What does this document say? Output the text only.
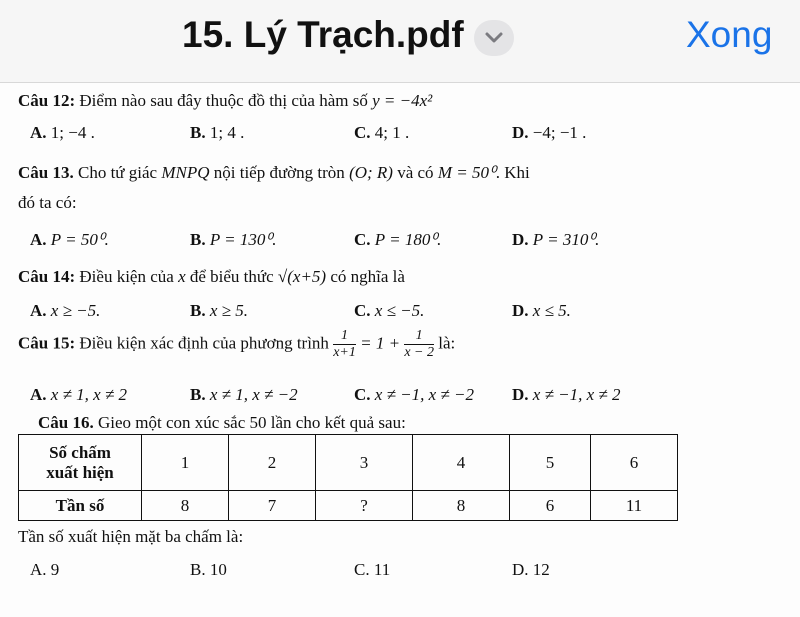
15. Lý Trạch.pdf	Xong
Câu 12: Điểm nào sau đây thuộc đồ thị của hàm số y = −4x²
A. 1; −4 .	B. 1; 4 .	C. 4; 1 .	D. −4; −1 .
Câu 13. Cho tứ giác MNPQ nội tiếp đường tròn (O; R) và có M = 50⁰. Khi
đó ta có:
A. P = 50⁰.	B. P = 130⁰.	C. P = 180⁰.	D. P = 310⁰.
Câu 14: Điều kiện của x để biểu thức √(x+5) có nghĩa là
A. x ≥ −5.	B. x ≥ 5.	C. x ≤ −5.	D. x ≤ 5.
Câu 15: Điều kiện xác định của phương trình $\frac{1}{x+1} = 1 + \frac{1}{x - 2}$ là:
A. x ≠ 1, x ≠ 2	B. x ≠ 1, x ≠ −2	C. x ≠ −1, x ≠ −2 D. x ≠ −1, x ≠ 2
Câu 16. Gieo một con xúc sắc 50 lần cho kết quả sau:
Số chấm
xuất hiện	1	2	3	4	5	6
Tần số	8	7	?	8	6	11
Tần số xuất hiện mặt ba chấm là:
A. 9	B. 10	C. 11	D. 12
